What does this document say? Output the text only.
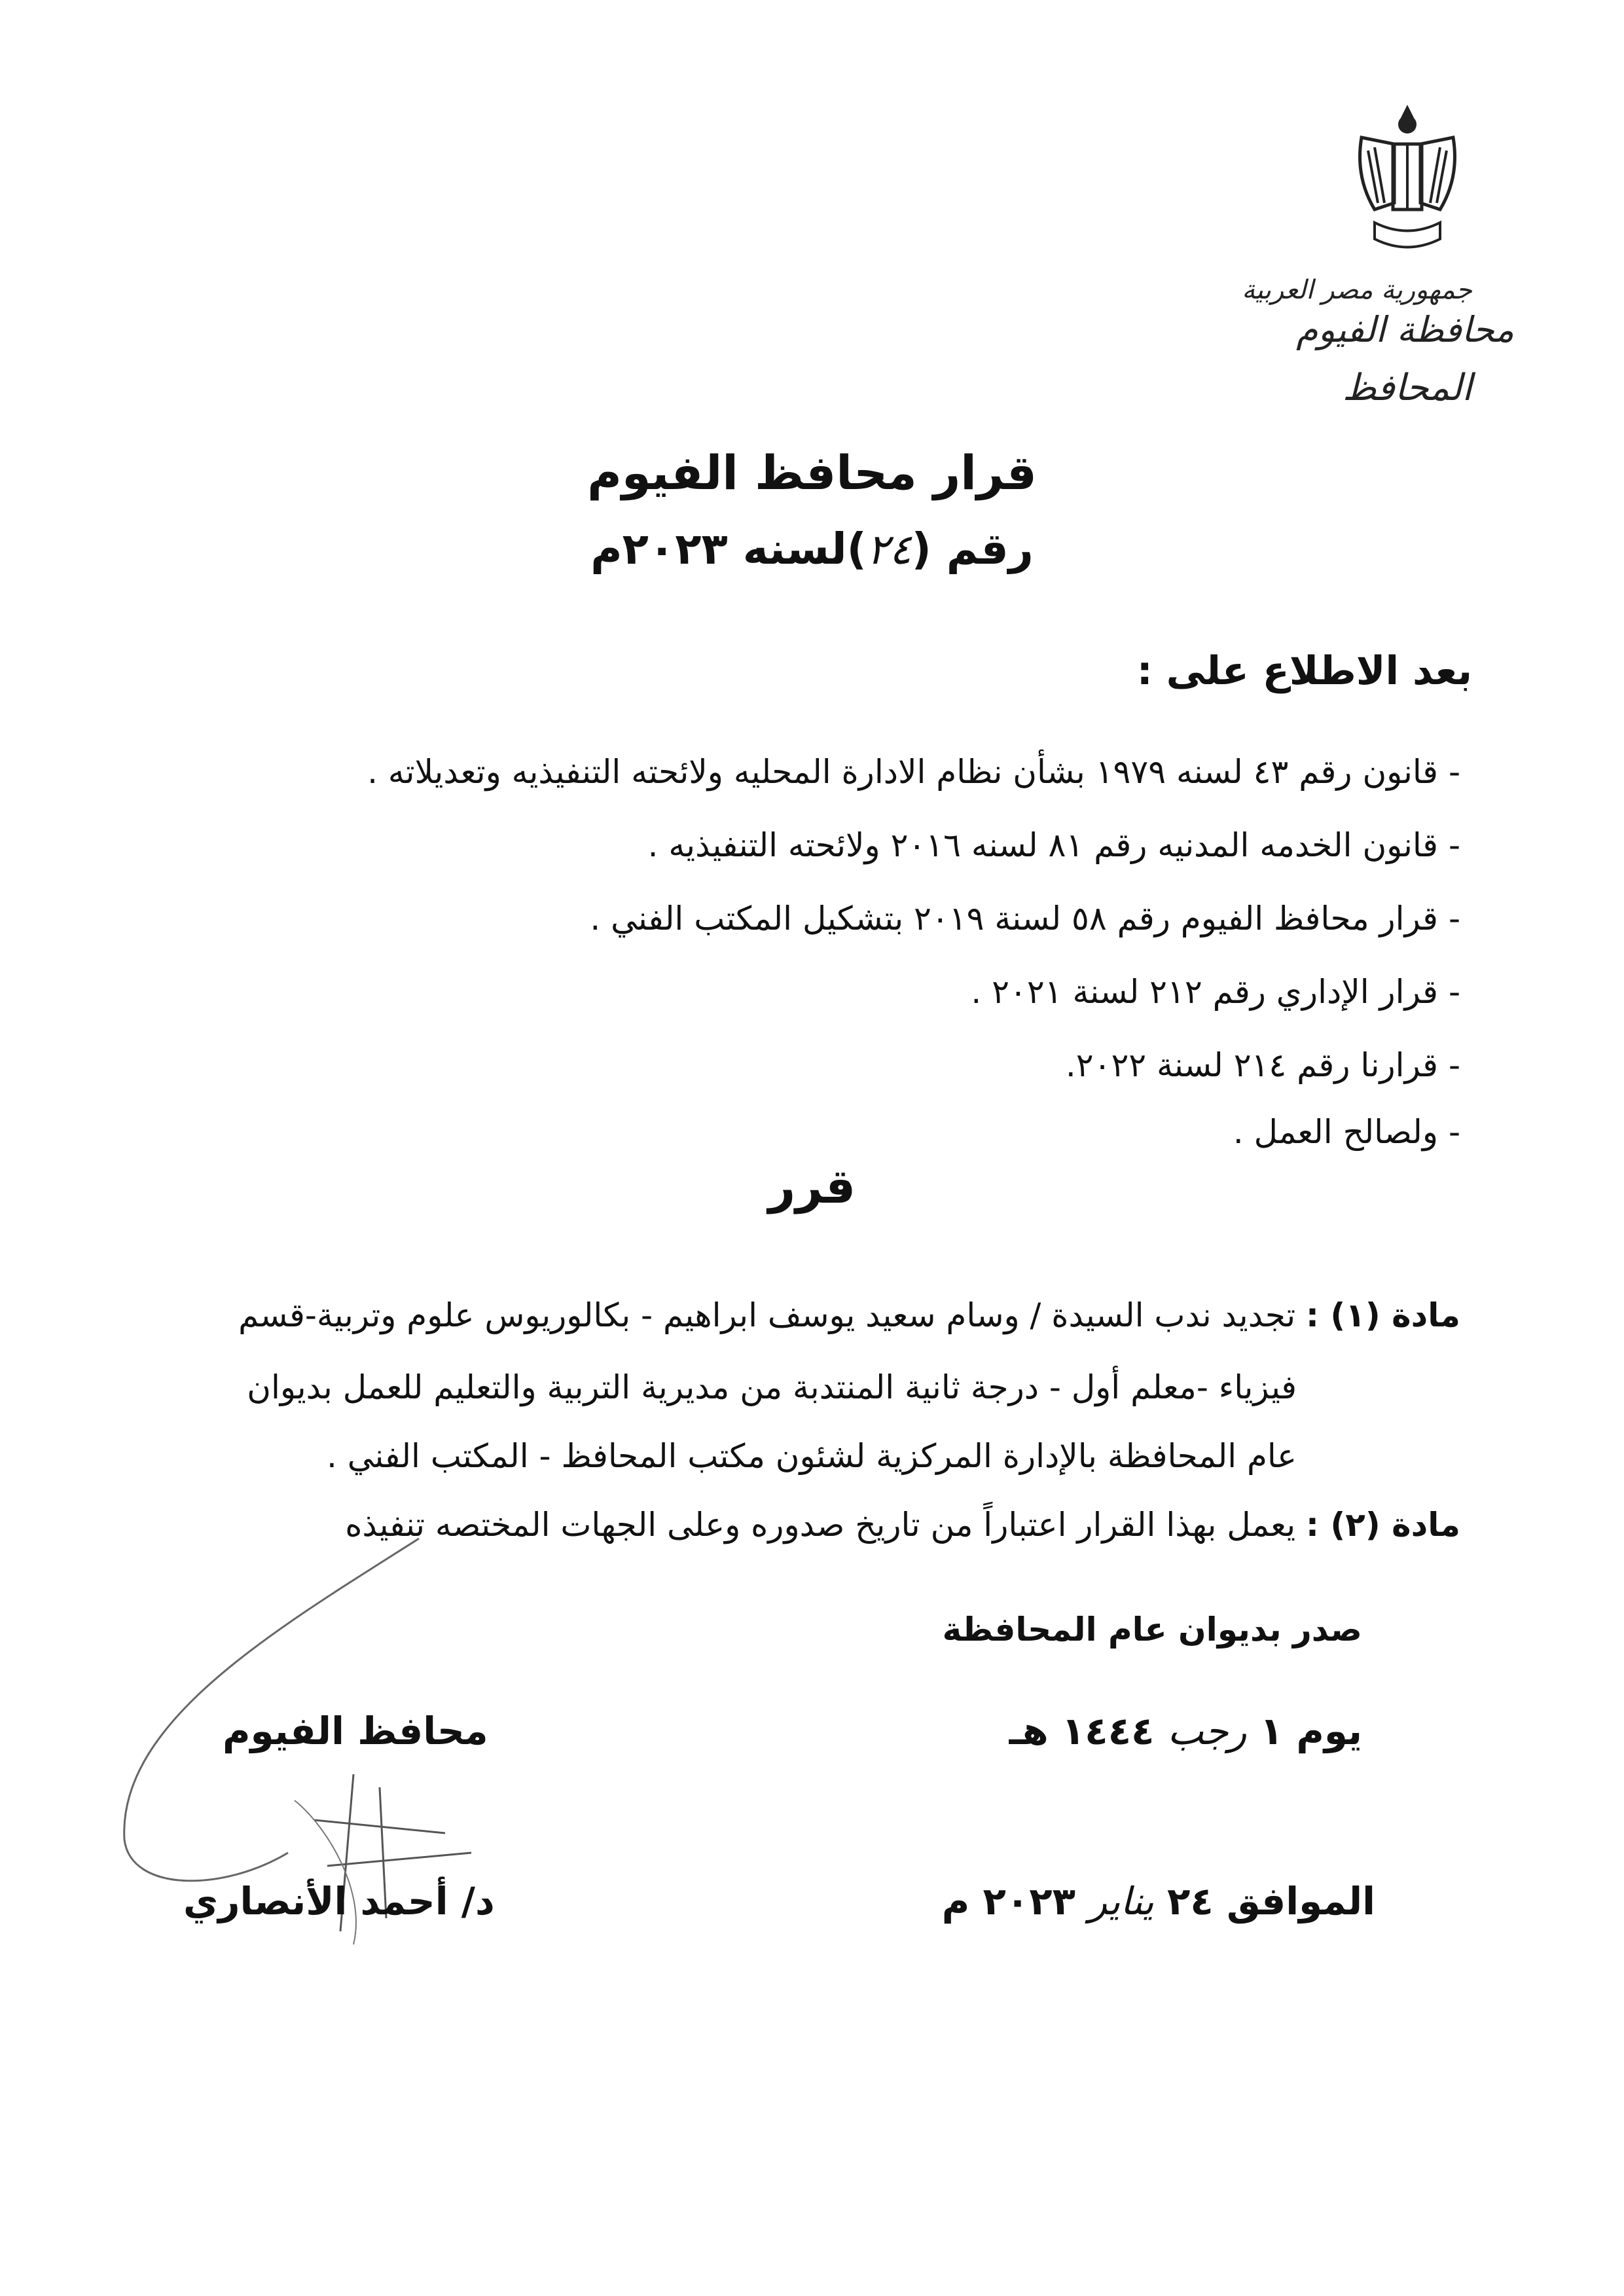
جمهورية مصر العربية
محافظة الفيوم
المحافظ
قرار محافظ الفيوم
رقم (٢٤)لسنه ٢٠٢٣م
بعد الاطلاع على :
- قانون رقم ٤٣ لسنه ١٩٧٩ بشأن نظام الادارة المحليه ولائحته التنفيذيه وتعديلاته .
- قانون الخدمه المدنيه رقم ٨١ لسنه ٢٠١٦ ولائحته التنفيذيه .
- قرار محافظ الفيوم رقم ٥٨ لسنة ٢٠١٩ بتشكيل المكتب الفني .
- قرار الإداري رقم ٢١٢ لسنة ٢٠٢١ .
- قرارنا رقم ٢١٤ لسنة ٢٠٢٢.
- ولصالح العمل .
قرر
مادة (١) : تجديد ندب السيدة / وسام سعيد يوسف ابراهيم - بكالوريوس علوم وتربية-قسم
فيزياء -معلم أول - درجة ثانية المنتدبة من مديرية التربية والتعليم للعمل بديوان
عام المحافظة بالإدارة المركزية لشئون مكتب المحافظ - المكتب الفني .
مادة (٢) : يعمل بهذا القرار اعتباراً من تاريخ صدوره وعلى الجهات المختصه تنفيذه
صدر بديوان عام المحافظة
يوم ١ رجب ١٤٤٤ هـ
الموافق ٢٤ يناير ٢٠٢٣ م
محافظ الفيوم
د/ أحمد الأنصاري
